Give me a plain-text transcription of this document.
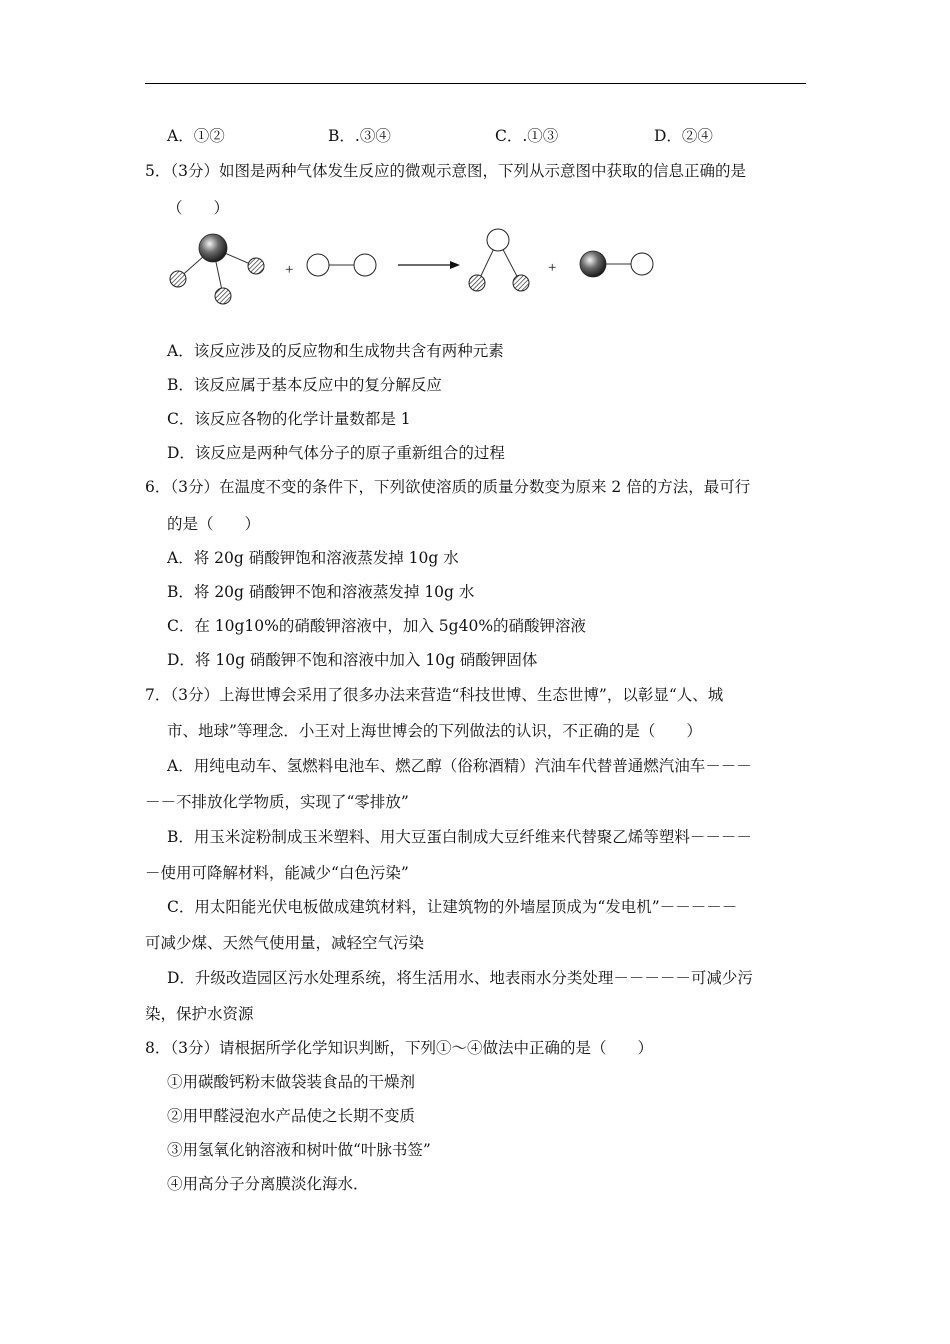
A．①②	B．.③④	C．.①③	D．②④
5．（3分）如图是两种气体发生反应的微观示意图，下列从示意图中获取的信息正确的是
（　　）
+	+
A．该反应涉及的反应物和生成物共含有两种元素
B．该反应属于基本反应中的复分解反应
C．该反应各物的化学计量数都是 1
D．该反应是两种气体分子的原子重新组合的过程
6．（3分）在温度不变的条件下，下列欲使溶质的质量分数变为原来 2 倍的方法，最可行
的是（　　）
A．将 20g 硝酸钾饱和溶液蒸发掉 10g 水
B．将 20g 硝酸钾不饱和溶液蒸发掉 10g 水
C．在 10g10%的硝酸钾溶液中，加入 5g40%的硝酸钾溶液
D．将 10g 硝酸钾不饱和溶液中加入 10g 硝酸钾固体
7．（3分）上海世博会采用了很多办法来营造“科技世博、生态世博”，以彰显“人、城
市、地球”等理念．小王对上海世博会的下列做法的认识，不正确的是（　　）
A．用纯电动车、氢燃料电池车、燃乙醇（俗称酒精）汽油车代替普通燃汽油车－－－
－－不排放化学物质，实现了“零排放”
B．用玉米淀粉制成玉米塑料、用大豆蛋白制成大豆纤维来代替聚乙烯等塑料－－－－
－使用可降解材料，能减少“白色污染”
C．用太阳能光伏电板做成建筑材料，让建筑物的外墙屋顶成为“发电机”－－－－－
可减少煤、天然气使用量，减轻空气污染
D．升级改造园区污水处理系统，将生活用水、地表雨水分类处理－－－－－可减少污
染，保护水资源
8．（3分）请根据所学化学知识判断，下列①～④做法中正确的是（　　）
①用碳酸钙粉末做袋装食品的干燥剂
②用甲醛浸泡水产品使之长期不变质
③用氢氧化钠溶液和树叶做“叶脉书签”
④用高分子分离膜淡化海水．
